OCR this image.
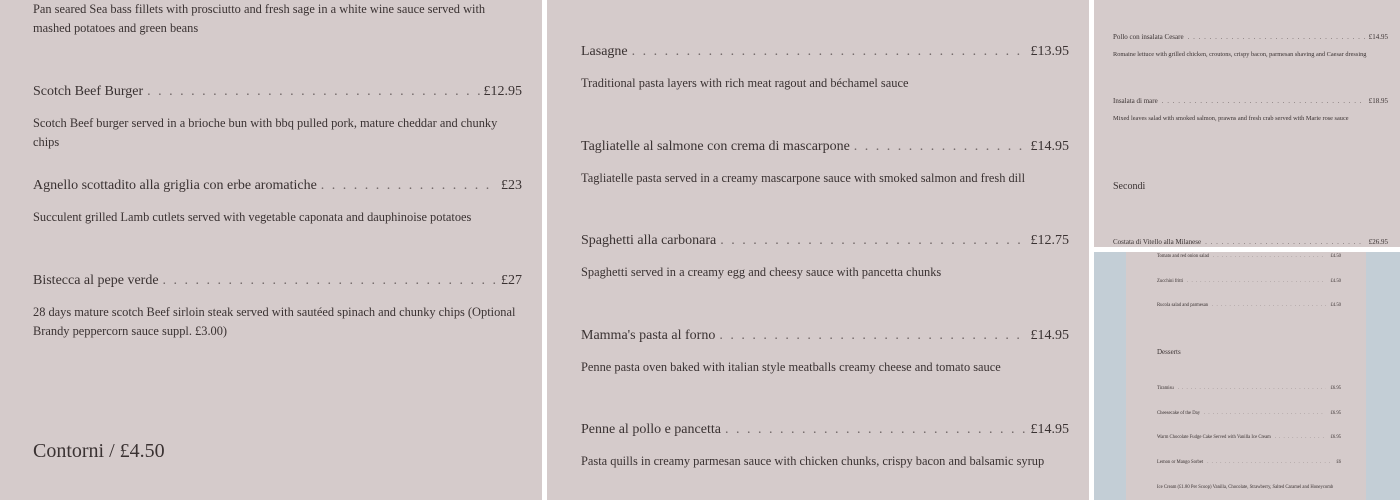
Pan seared Sea bass fillets with prosciutto and fresh sage in a white wine sauce served with mashed potatoes and green beans
Scotch Beef Burger . . .	£12.95
Scotch Beef burger served in a brioche bun with bbq pulled pork, mature cheddar and chunky chips
Agnello scottadito alla griglia con erbe aromatiche . . .	£23
Succulent grilled Lamb cutlets served with vegetable caponata and dauphinoise potatoes
Bistecca al pepe verde . . .	£27
28 days mature scotch Beef sirloin steak served with sautéed spinach and chunky chips (Optional Brandy peppercorn sauce suppl. £3.00)
Contorni / £4.50
Lasagne . . .	£13.95
Traditional pasta layers with rich meat ragout and béchamel sauce
Tagliatelle al salmone con crema di mascarpone . . .	£14.95
Tagliatelle pasta served in a creamy mascarpone sauce with smoked salmon and fresh dill
Spaghetti alla carbonara . . .	£12.75
Spaghetti served in a creamy egg and cheesy sauce with pancetta chunks
Mamma's pasta al forno . . .	£14.95
Penne pasta oven baked with italian style meatballs creamy cheese and tomato sauce
Penne al pollo e pancetta . . .	£14.95
Pasta quills in creamy parmesan sauce with chicken chunks, crispy bacon and balsamic syrup
Pollo con insalata Cesare . . .	£14.95
Romaine lettuce with grilled chicken, croutons, crispy bacon, parmesan shaving and Caesar dressing
Insalata di mare . . .	£18.95
Mixed leaves salad with smoked salmon, prawns and fresh crab served with Marie rose sauce
Secondi
Costata di Vitello alla Milanese . . .	£26.95
Tomato and red onion salad . . .	£4.50
Zucchini fritti . . .	£4.50
Rucola salad and parmesan . . .	£4.50
Desserts
Tiramisu . . .	£6.95
Cheesecake of the Day . . .	£6.95
Warm Chocolate Fudge Cake Served with Vanilla Ice Cream . . .	£6.95
Lemon or Mango Sorbet . . .	£6
Ice Cream (£1.80 Per Scoop) Vanilla, Chocolate, Strawberry, Salted Caramel and Honeycomb
